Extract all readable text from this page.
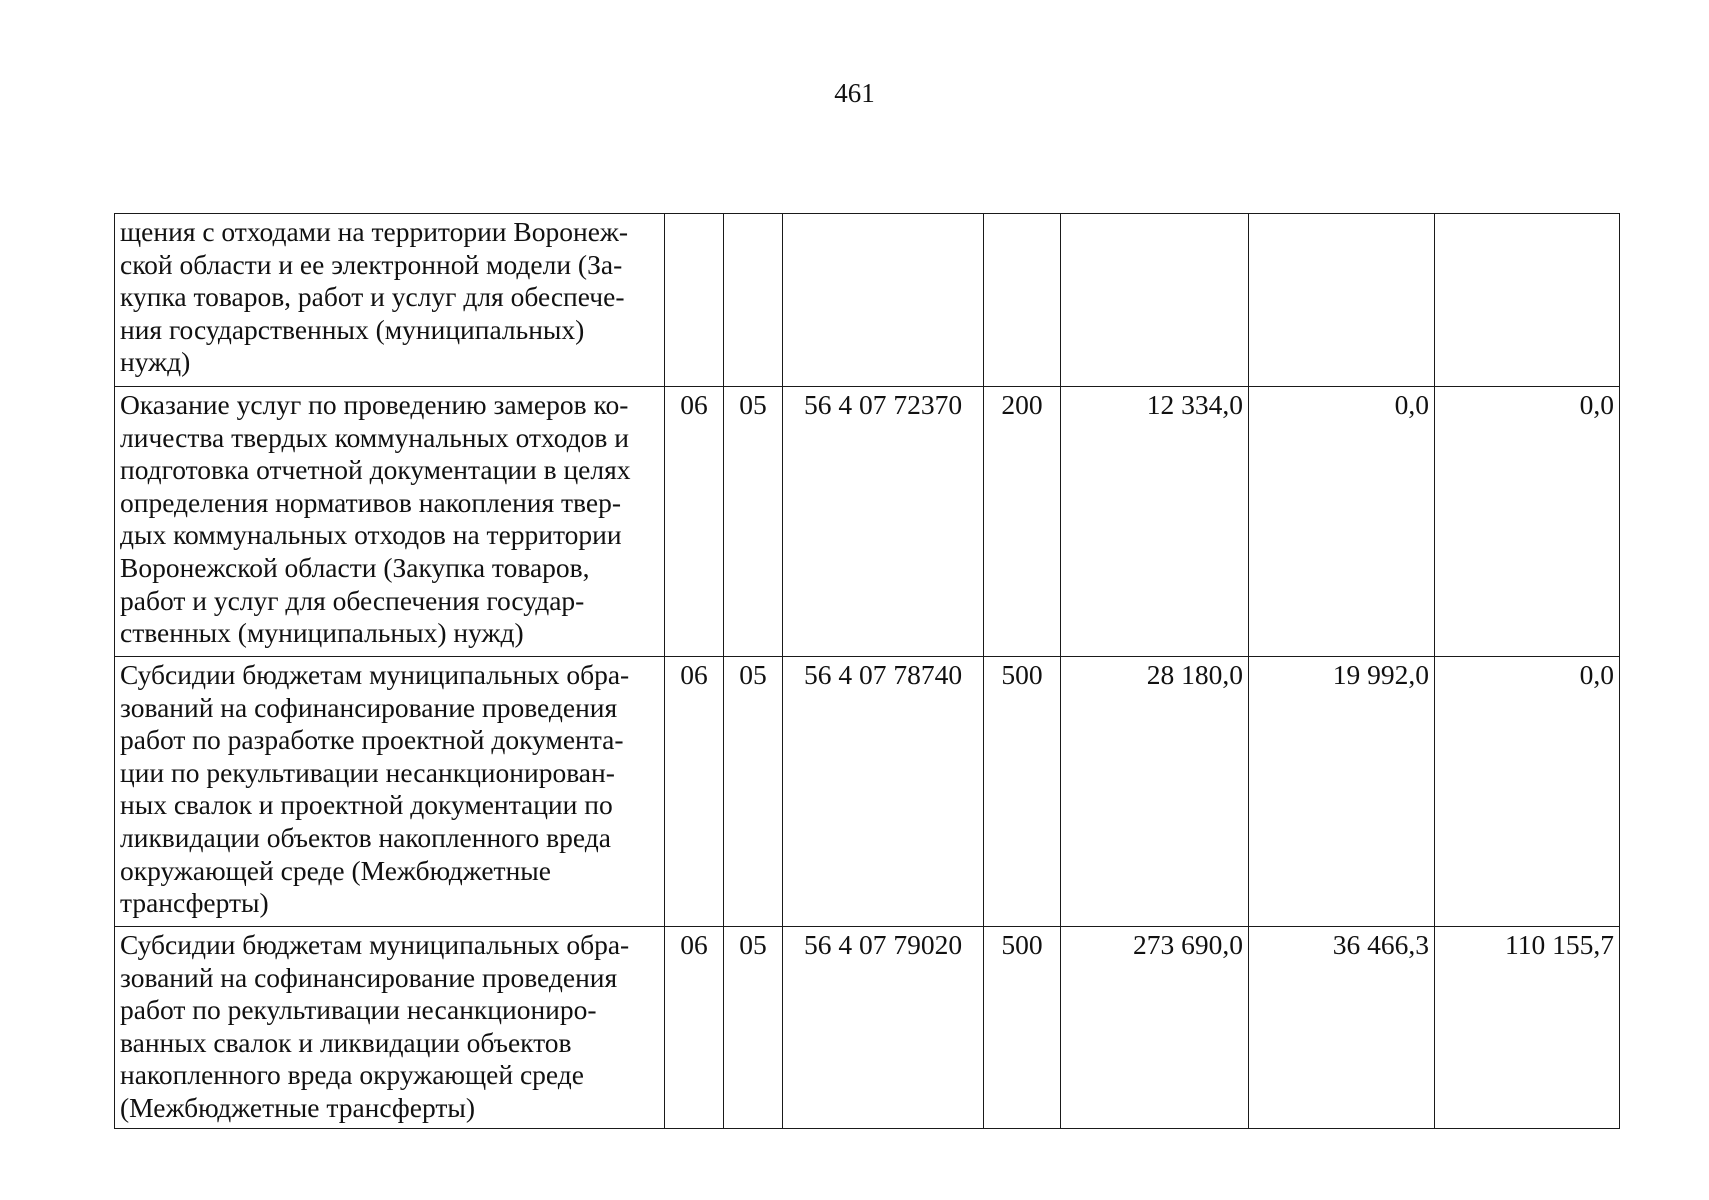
461
щения с отходами на территории Воронеж-ской области и ее электронной модели (За-купка товаров, работ и услуг для обеспече-ния государственных (муниципальных) нужд)							
Оказание услуг по проведению замеров ко-личества твердых коммунальных отходов и подготовка отчетной документации в целях определения нормативов накопления твер-дых коммунальных отходов на территории Воронежской области (Закупка товаров, работ и услуг для обеспечения государ-ственных (муниципальных) нужд)	06	05	56 4 07 72370	200	12 334,0	0,0	0,0
Субсидии бюджетам муниципальных обра-зований на софинансирование проведения работ по разработке проектной документа-ции по рекультивации несанкционирован-ных свалок и проектной документации по ликвидации объектов накопленного вреда окружающей среде (Межбюджетные трансферты)	06	05	56 4 07 78740	500	28 180,0	19 992,0	0,0
Субсидии бюджетам муниципальных обра-зований на софинансирование проведения работ по рекультивации несанкциониро-ванных свалок и ликвидации объектов накопленного вреда окружающей среде (Межбюджетные трансферты)	06	05	56 4 07 79020	500	273 690,0	36 466,3	110 155,7
